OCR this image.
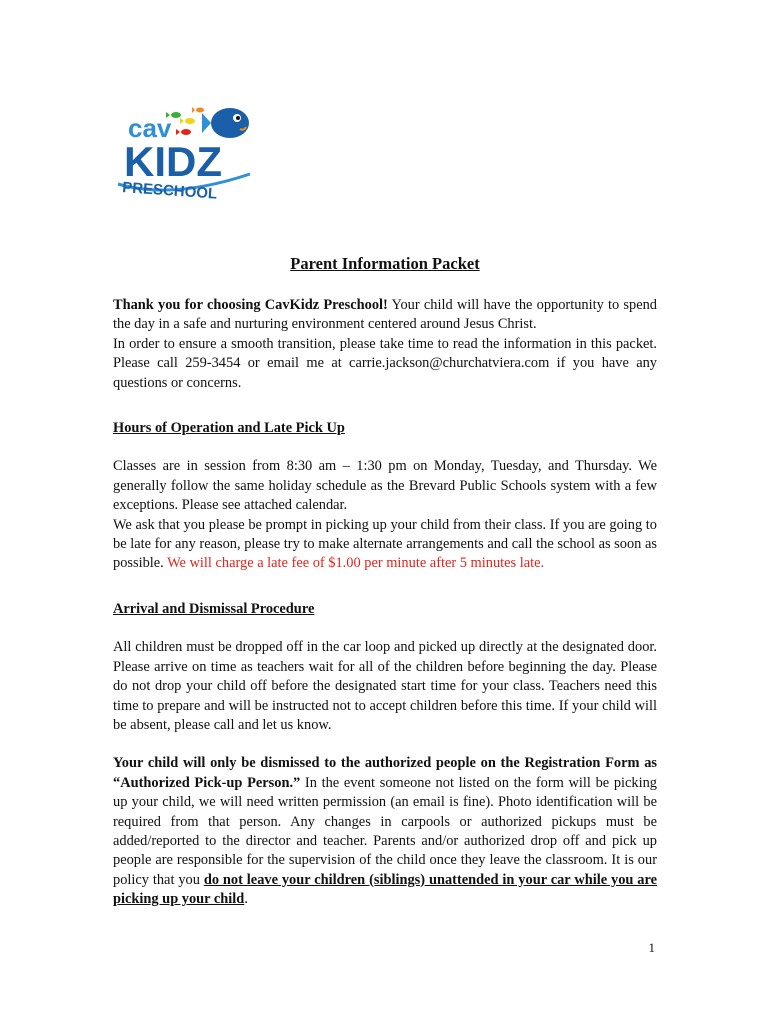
cav
KIDZ
PRESCHOOL
Parent Information Packet

Thank you for choosing CavKidz Preschool! Your child will have the opportunity to spend the day in a safe and nurturing environment centered around Jesus Christ.

In order to ensure a smooth transition, please take time to read the information in this packet. Please call 259-3454 or email me at carrie.jackson@churchatviera.com if you have any questions or concerns.

Hours of Operation and Late Pick Up

Classes are in session from 8:30 am – 1:30 pm on Monday, Tuesday, and Thursday. We generally follow the same holiday schedule as the Brevard Public Schools system with a few exceptions. Please see attached calendar.

We ask that you please be prompt in picking up your child from their class. If you are going to be late for any reason, please try to make alternate arrangements and call the school as soon as possible. We will charge a late fee of $1.00 per minute after 5 minutes late.

Arrival and Dismissal Procedure

All children must be dropped off in the car loop and picked up directly at the designated door. Please arrive on time as teachers wait for all of the children before beginning the day. Please do not drop your child off before the designated start time for your class. Teachers need this time to prepare and will be instructed not to accept children before this time. If your child will be absent, please call and let us know.

Your child will only be dismissed to the authorized people on the Registration Form as “Authorized Pick-up Person.” In the event someone not listed on the form will be picking up your child, we will need written permission (an email is fine). Photo identification will be required from that person. Any changes in carpools or authorized pickups must be added/reported to the director and teacher. Parents and/or authorized drop off and pick up people are responsible for the supervision of the child once they leave the classroom. It is our policy that you do not leave your children (siblings) unattended in your car while you are picking up your child.

1
